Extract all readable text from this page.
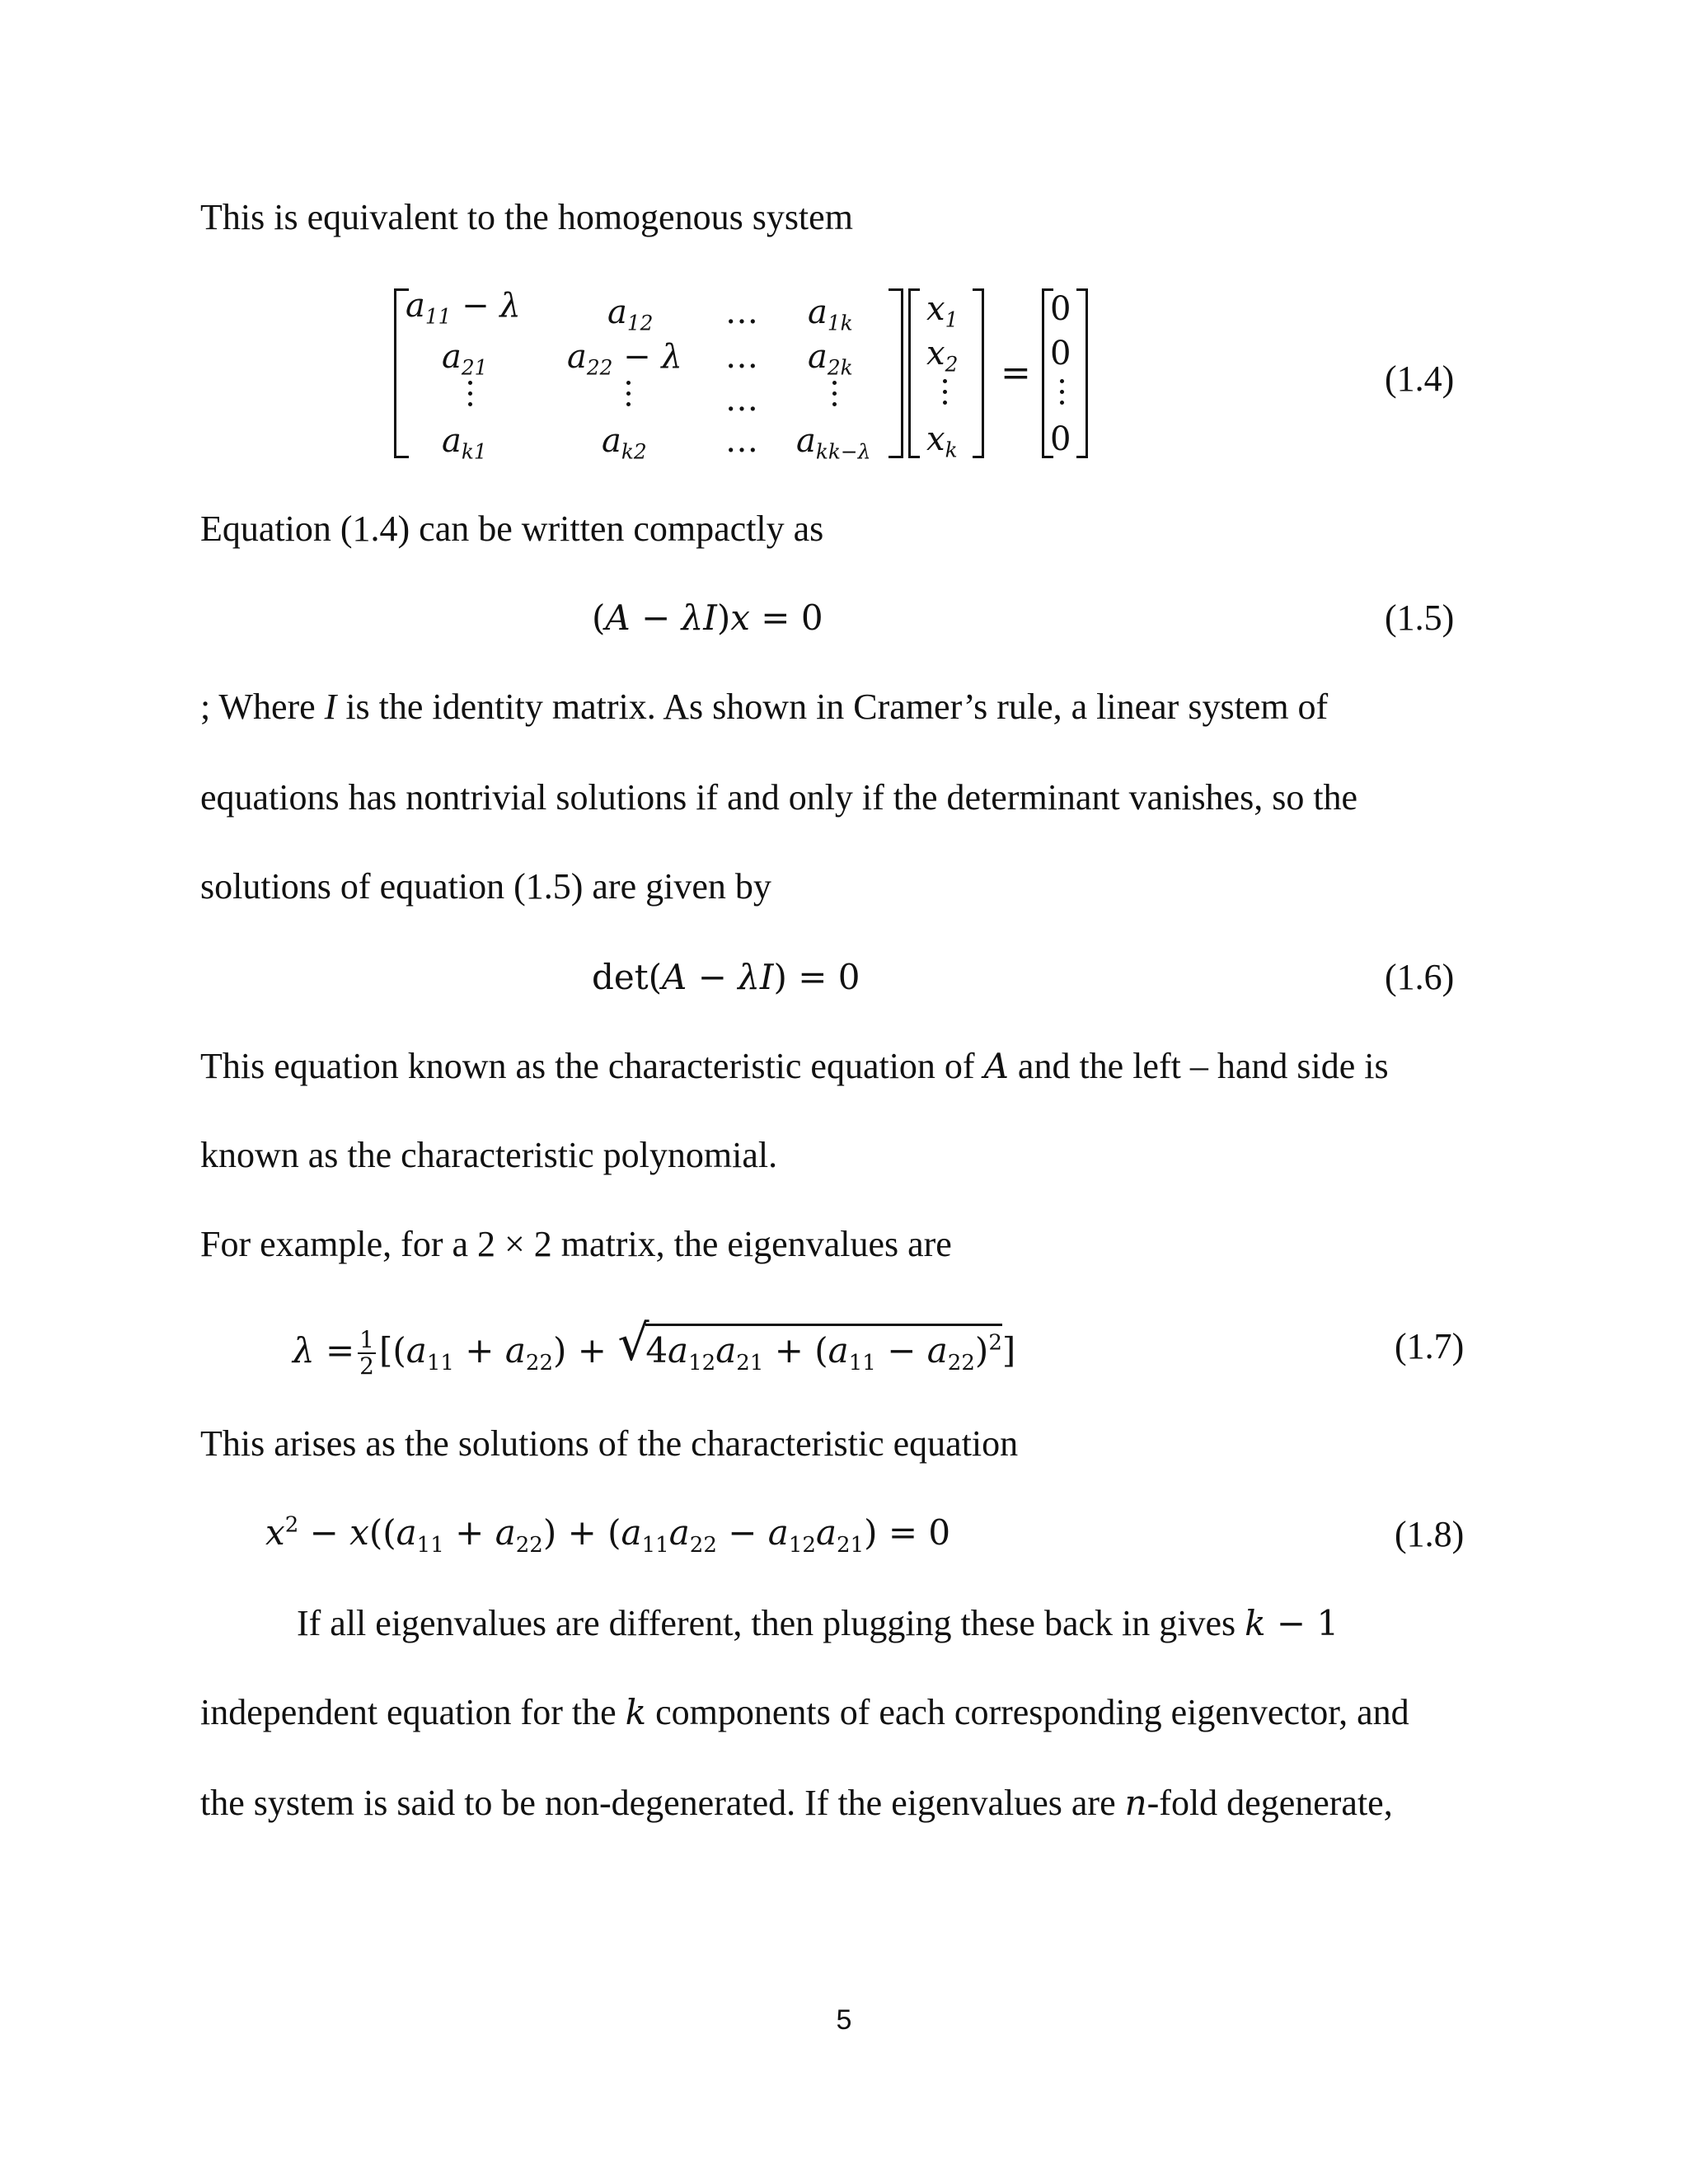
This is equivalent to the homogenous system
$a_{11} - \lambda$	$a_{12}$ … $a_{1k}$
$a_{21}$ $a_{22} - \lambda$ … $a_{2k}$
…
$a_{k1}$	$a_{k2}$ … $a_{kk-\lambda}$
$x_1$
$x_2$
$x_k$
=
0
0
0
(1.4)
Equation (1.4) can be written compactly as
(A − λI)x = 0	(1.5)
; Where I is the identity matrix. As shown in Cramer’s rule, a linear system of
equations has nontrivial solutions if and only if the determinant vanishes, so the
solutions of equation (1.5) are given by
det(A − λI) = 0	(1.6)
This equation known as the characteristic equation of A and the left – hand side is
known as the characteristic polynomial.
For example, for a 2 × 2 matrix, the eigenvalues are
$\lambda = \frac{1}{2} [(a_{11} + a_{22})$ + √
$4a_{12}a_{21} + (a_{11} - a_{22})^2$]	(1.7)
This arises as the solutions of the characteristic equation
$x^2 - x((a_{11} + a_{22}) + (a_{11}a_{22} - a_{12}a_{21}) = 0$	(1.8)
If all eigenvalues are different, then plugging these back in gives k − 1
independent equation for the k components of each corresponding eigenvector, and
the system is said to be non-degenerated. If the eigenvalues are n-fold degenerate,
5
